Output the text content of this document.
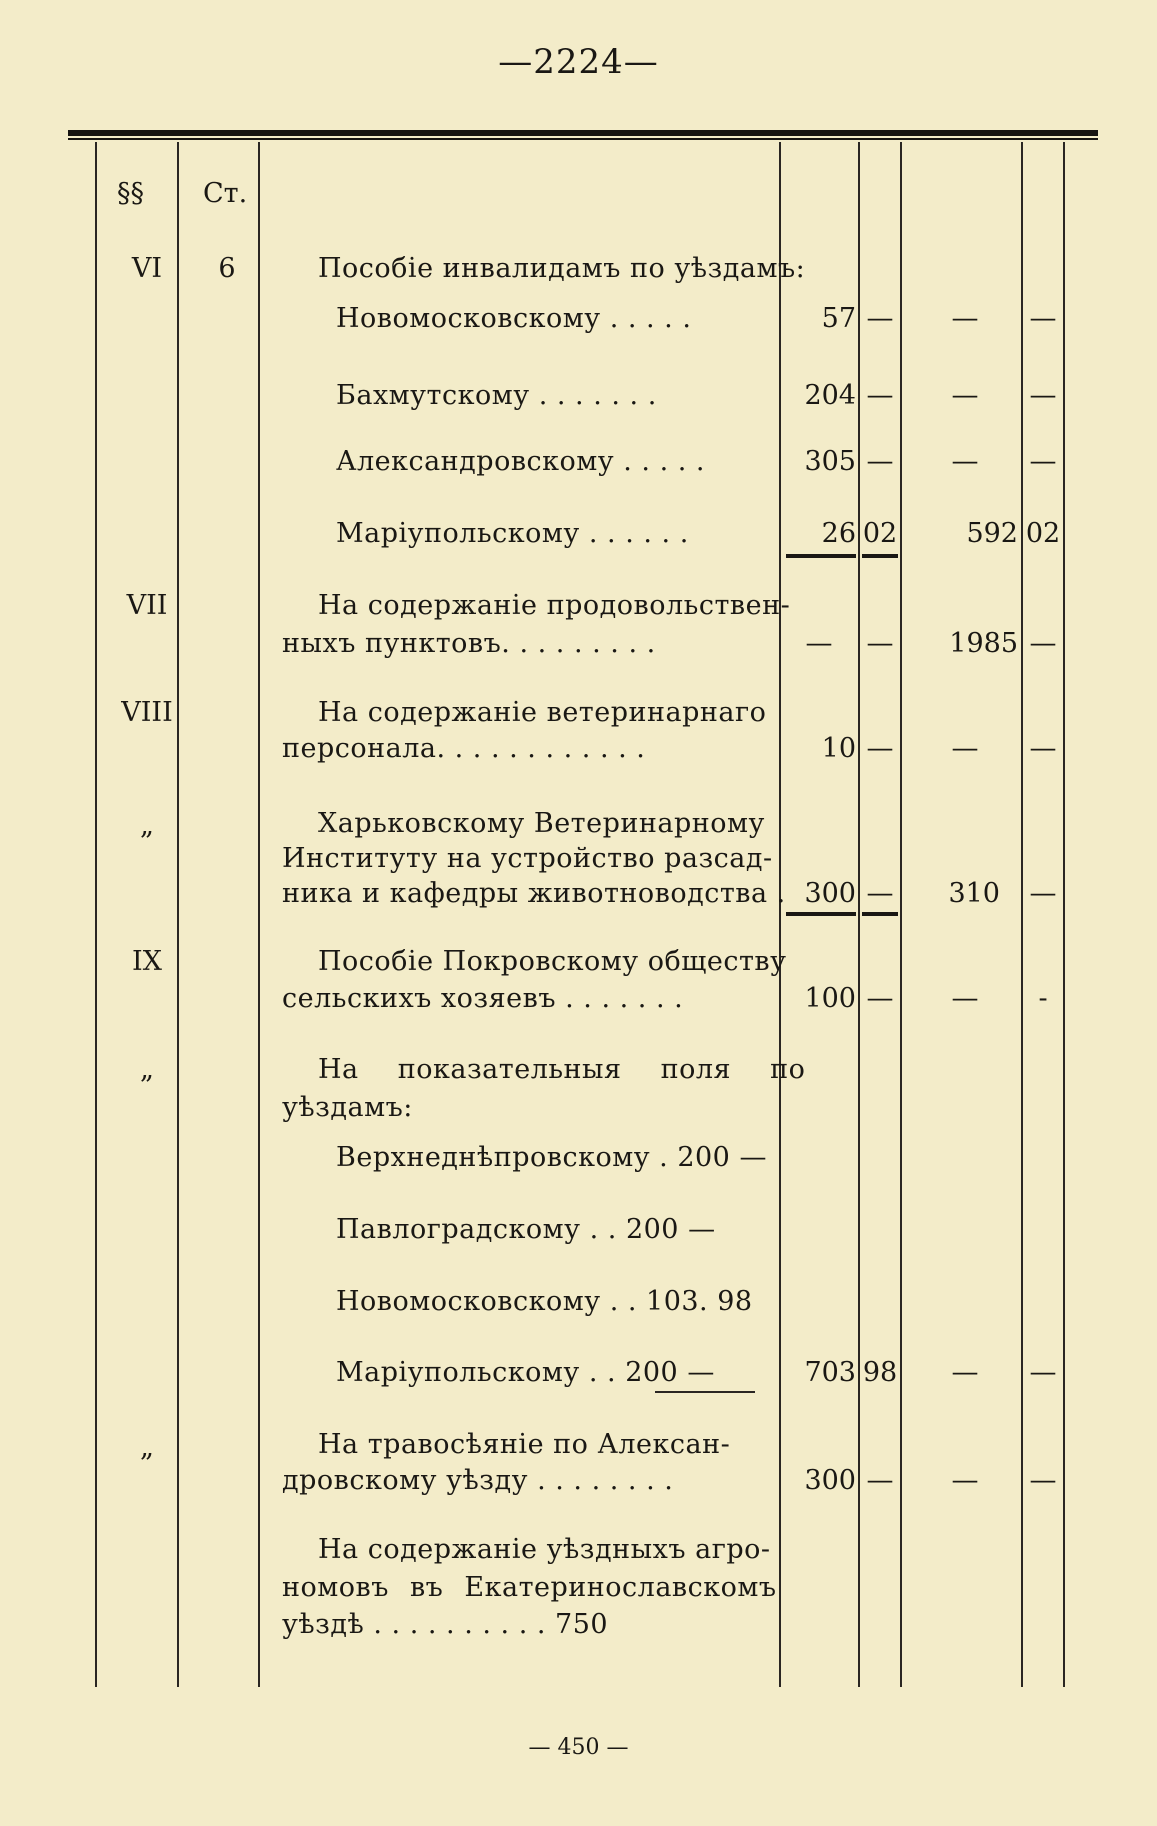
—2224—
§§ Ст.
VI	6	Пособіе инвалидамъ по уѣздамъ:
Новомосковскому . . . . .	57 —	—	—
Бахмутскому . . . . . . .	204 —	—	—
Александровскому . . . . .	305 —	—	—
Маріупольскому . . . . . .	26 02	592 02
VII	На содержаніе продовольствен-
ныхъ пунктовъ. . . . . . . . .	—	—	1985 —
VIII	На содержаніе ветеринарнаго
персонала. . . . . . . . . . . .	10 —	—	—
„	Харьковскому Ветеринарному
Институту на устройство разсад-
ника и кафедры животноводства . 300 —	310 —
IX	Пособіе Покровскому обществу
сельскихъ хозяевъ . . . . . . .	100 —	—	-
„	На показательныя поля по
уѣздамъ:
Верхнеднѣпровскому . 200 —
Павлоградскому . . 200 —
Новомосковскому . . 103. 98
Маріупольскому . . 200 —	703 98	—	—
„	На травосѣяніе по Алексан-
дровскому уѣзду . . . . . . . .	300 —	—	—
На содержаніе уѣздныхъ агро-
номовъ въ Екатеринославскомъ
уѣздѣ . . . . . . . . . . 750
— 450 —
